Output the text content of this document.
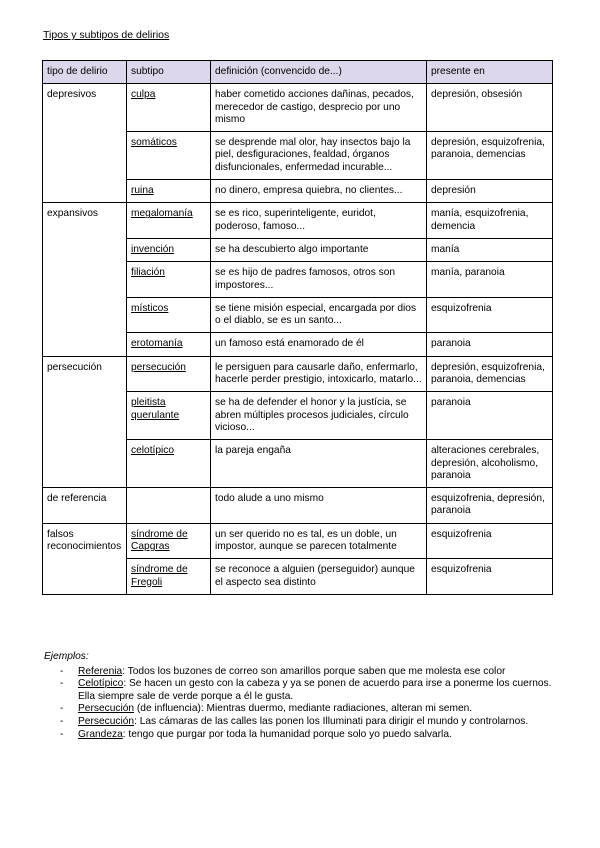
Tipos y subtipos de delirios
tipo de delirio	subtipo	definición (convencido de...)	presente en
depresivos	culpa	haber cometido acciones dañinas, pecados, merecedor de castigo, desprecio por uno mismo	depresión, obsesión
	somáticos	se desprende mal olor, hay insectos bajo la piel, desfiguraciones, fealdad, órganos disfuncionales, enfermedad incurable...	depresión, esquizofrenia, paranoia, demencias
	ruina	no dinero, empresa quiebra, no clientes...	depresión
expansivos	megalomanía	se es rico, superinteligente, euridot, poderoso, famoso...	manía, esquizofrenia, demencia
	invención	se ha descubierto algo importante	manía
	filiación	se es hijo de padres famosos, otros son impostores...	manía, paranoia
	místicos	se tiene misión especial, encargada por dios o el diablo, se es un santo...	esquizofrenia
	erotomanía	un famoso está enamorado de él	paranoia
persecución	persecución	le persiguen para causarle daño, enfermarlo, hacerle perder prestigio, intoxicarlo, matarlo...	depresión, esquizofrenia, paranoia, demencias
	pleitista querulante	se ha de defender el honor y la justícia, se abren múltiples procesos judiciales, círculo vicioso...	paranoia
	celotípico	la pareja engaña	alteraciones cerebrales, depresión, alcoholismo, paranoia
de referencia		todo alude a uno mismo	esquizofrenia, depresión, paranoia
falsos reconocimientos	síndrome de Capgras	un ser querido no es tal, es un doble, un impostor, aunque se parecen totalmente	esquizofrenia
	síndrome de Fregoli	se reconoce a alguien (perseguidor) aunque el aspecto sea distinto	esquizofrenia
Ejemplos:
- Referenia: Todos los buzones de correo son amarillos porque saben que me molesta ese color
- Celotípico: Se hacen un gesto con la cabeza y ya se ponen de acuerdo para irse a ponerme los cuernos. Ella siempre sale de verde porque a él le gusta.
- Persecución (de influencia): Mientras duermo, mediante radiaciones, alteran mi semen.
- Persecución: Las cámaras de las calles las ponen los Illuminati para dirigir el mundo y controlarnos.
- Grandeza: tengo que purgar por toda la humanidad porque solo yo puedo salvarla.
